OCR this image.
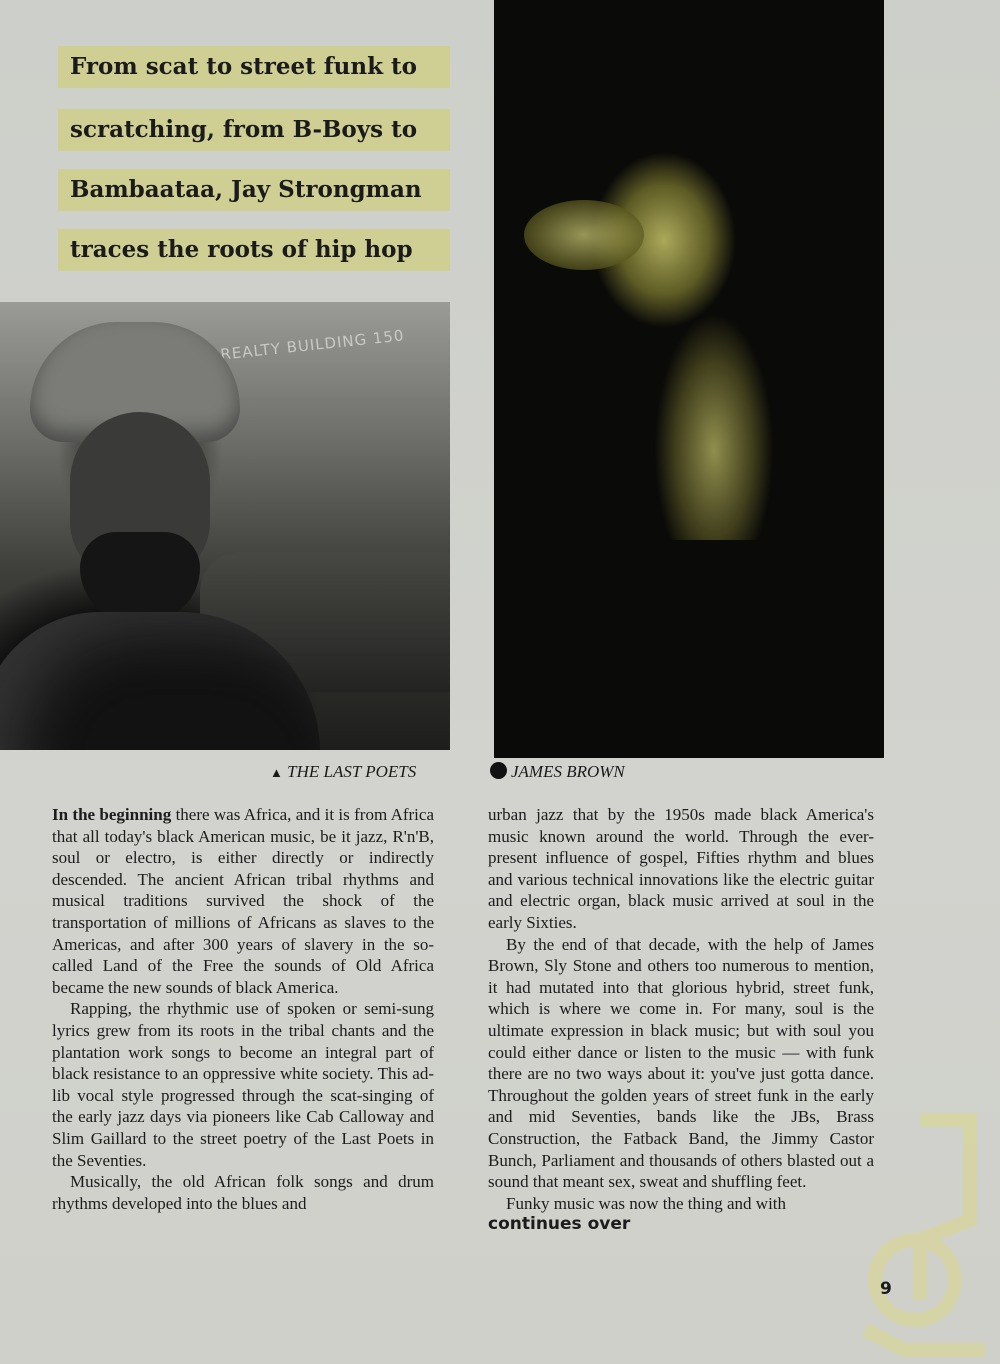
From scat to street funk to
scratching, from B-Boys to
Bambaataa, Jay Strongman
traces the roots of hip hop
REALTY BUILDING 150
▲ THE LAST POETS	JAMES BROWN

In the beginning there was Africa, and it is from Africa that all today's black American music, be it jazz, R'n'B, soul or electro, is either directly or indirectly descended. The ancient African tribal rhythms and musical traditions survived the shock of the transportation of millions of Africans as slaves to the Americas, and after 300 years of slavery in the so-called Land of the Free the sounds of Old Africa became the new sounds of black America.

Rapping, the rhythmic use of spoken or semi-sung lyrics grew from its roots in the tribal chants and the plantation work songs to become an integral part of black resistance to an oppressive white society. This ad-lib vocal style progressed through the scat-singing of the early jazz days via pioneers like Cab Calloway and Slim Gaillard to the street poetry of the Last Poets in the Seventies.

Musically, the old African folk songs and drum rhythms developed into the blues and

urban jazz that by the 1950s made black America's music known around the world. Through the ever-present influence of gospel, Fifties rhythm and blues and various technical innovations like the electric guitar and electric organ, black music arrived at soul in the early Sixties.

By the end of that decade, with the help of James Brown, Sly Stone and others too numerous to mention, it had mutated into that glorious hybrid, street funk, which is where we come in. For many, soul is the ultimate expression in black music; but with soul you could either dance or listen to the music — with funk there are no two ways about it: you've just gotta dance. Throughout the golden years of street funk in the early and mid Seventies, bands like the JBs, Brass Construction, the Fatback Band, the Jimmy Castor Bunch, Parliament and thousands of others blasted out a sound that meant sex, sweat and shuffling feet.

Funky music was now the thing and with

continues over

9
